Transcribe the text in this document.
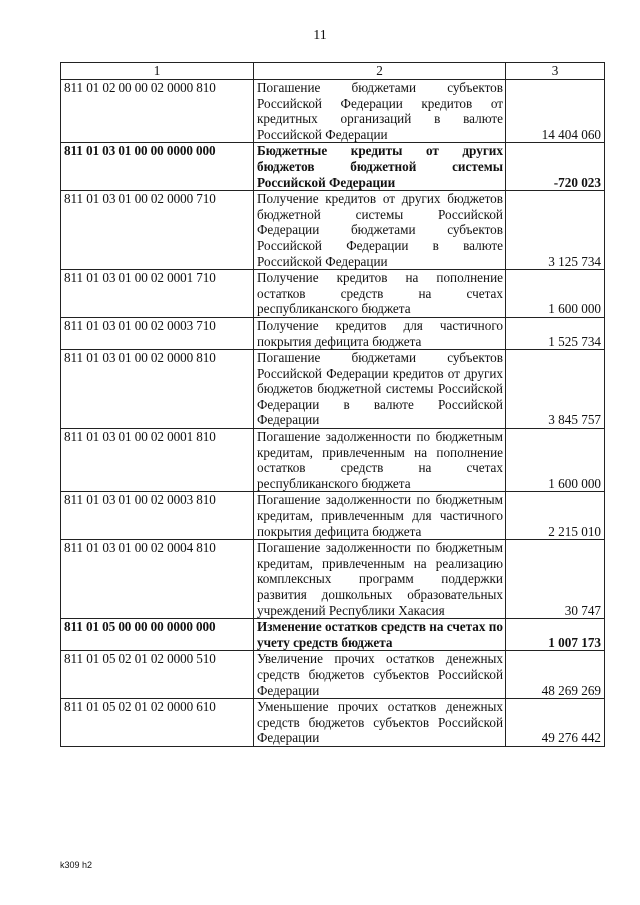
11
1	2	3
811 01 02 00 00 02 0000 810	Погашение бюджетами субъектов Российской Федерации кредитов от кредитных организаций в валюте Российской Федерации	14 404 060
811 01 03 01 00 00 0000 000	Бюджетные кредиты от других бюджетов бюджетной системы Российской Федерации	-720 023
811 01 03 01 00 02 0000 710	Получение кредитов от других бюджетов бюджетной системы Российской Федерации бюджетами субъектов Российской Федерации в валюте Российской Федерации	3 125 734
811 01 03 01 00 02 0001 710	Получение кредитов на пополнение остатков средств на счетах республиканского бюджета	1 600 000
811 01 03 01 00 02 0003 710	Получение кредитов для частичного покрытия дефицита бюджета	1 525 734
811 01 03 01 00 02 0000 810	Погашение бюджетами субъектов Российской Федерации кредитов от других бюджетов бюджетной системы Российской Федерации в валюте Российской Федерации	3 845 757
811 01 03 01 00 02 0001 810	Погашение задолженности по бюджетным кредитам, привлеченным на пополнение остатков средств на счетах республиканского бюджета	1 600 000
811 01 03 01 00 02 0003 810	Погашение задолженности по бюджетным кредитам, привлеченным для частичного покрытия дефицита бюджета	2 215 010
811 01 03 01 00 02 0004 810	Погашение задолженности по бюджетным кредитам, привлеченным на реализацию комплексных программ поддержки развития дошкольных образовательных учреждений Республики Хакасия	30 747
811 01 05 00 00 00 0000 000	Изменение остатков средств на счетах по учету средств бюджета	1 007 173
811 01 05 02 01 02 0000 510	Увеличение прочих остатков денежных средств бюджетов субъектов Российской Федерации	48 269 269
811 01 05 02 01 02 0000 610	Уменьшение прочих остатков денежных средств бюджетов субъектов Российской Федерации	49 276 442
k309 h2
